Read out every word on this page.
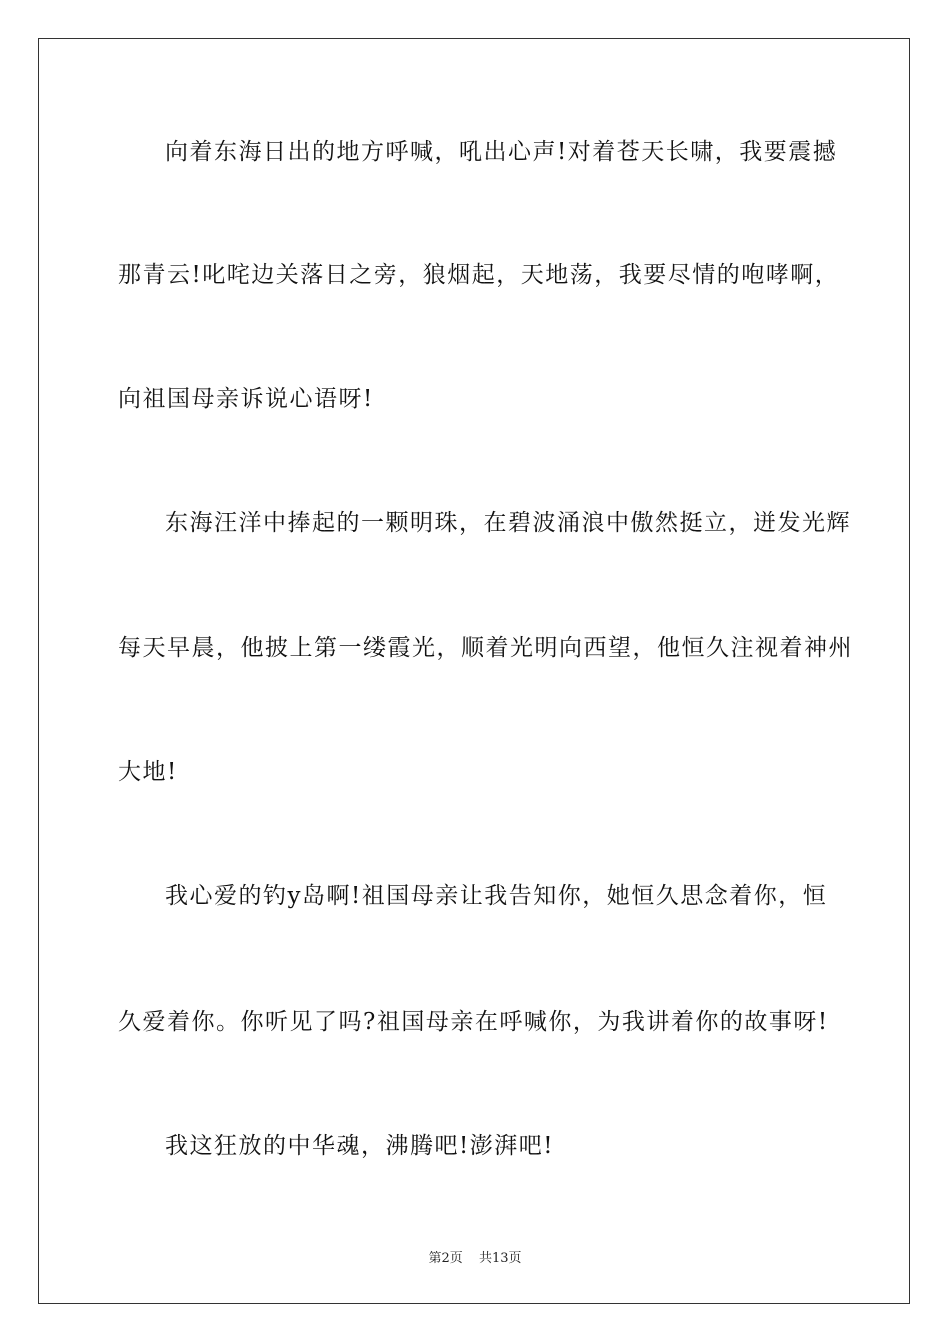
向着东海日出的地方呼喊，吼出心声!对着苍天长啸，我要震撼
那青云!叱咤边关落日之旁，狼烟起，天地荡，我要尽情的咆哮啊，
向祖国母亲诉说心语呀!
东海汪洋中捧起的一颗明珠，在碧波涌浪中傲然挺立，迸发光辉
每天早晨，他披上第一缕霞光，顺着光明向西望，他恒久注视着神州
大地!
我心爱的钓y岛啊!祖国母亲让我告知你，她恒久思念着你，恒
久爱着你。你听见了吗?祖国母亲在呼喊你，为我讲着你的故事呀!
我这狂放的中华魂，沸腾吧!澎湃吧!
第2页 共13页
